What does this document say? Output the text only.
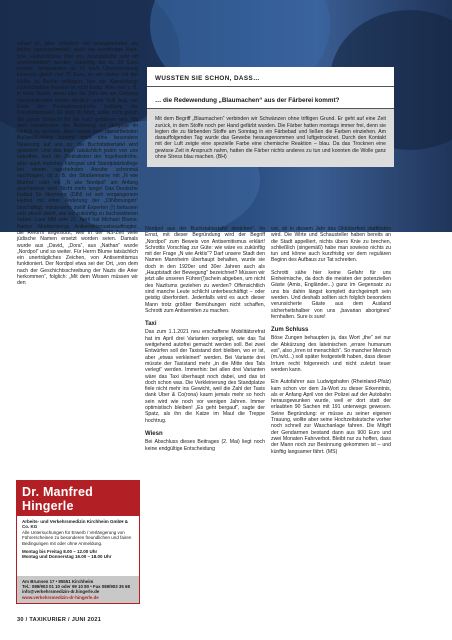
scharf ist, aber trotzdem viel unangenehmer als bisher (auszugsweise): auch nur kurzfristige Park- bzw. Haltverstösse (bei uns zwangsläufig sehr oft unvermeidbar) werden zukünftig bis zu 55 Euro kosten; Tempoünden ab 16 km/h Überschreitung innerorts gleich mal 70 Euro, so wie bisher mit der Hälfte zu Buche schlugen. Nur zur Klarstellung: rücksichtslose Raserei ist nicht lustig. Aber wer z. B. in tiefer Nacht, wenn also die Zahl der am Gehweg herumtollenden Kinder deutlich unter Null liegt, am Ende der Peutastrozzistraße (entlang der Friedhofsmauer) 50 statt 30 fährt, sollte nicht gleich die ganze Schlacht für die Katz' gefahren sein. Mit dem Inkrafttreten der Änderung ist übrigens im Herbst zu rechnen. Aber neben dem überarbeiteten Bußgeldkatalog kommt noch eine besondere Neuerung auf uns zu: die Buchstabiertafel wird geändert! Und das kann tatsächlich jeden von uns betreffen, weil die Zentralisten der Ingelhardröhe, aber auch mancher Fahrgast und Standplatzkollege bei einem naschelnden Anrufer schonmal nachfragen, ob z. B. der Straßenname mit „N wie Martha“ oder mit „N wie Nordpol“ am Anfang geschrieben wird. Nicht mehr lange! Das Deutsche Institut für Normung (DIN) ist seit vergangenem Herbst mit einer Änderung der „DINbmungstr“ beschäftigt; mindestens zwölf Experten (!) befassen sich akuell damit, wie wir zukünftig zu buchstabieren haben. Laut MM vom 21. April hat Michael Blume, Baden Württembergs Antisemitismusbeauftragter, die Reform angestößt, weil in der NS-Zeit viele jüdische Namen ersetzt worden seien. Damals wurde aus „David„ „Dora“, aus „Nathan“ wurde „Nordpol“ und so weiter. Für Herrn Blume tatsächlich ein unerträgliches Zeichen, von Antisemitismus funktioniert. Der Nordpol etwa sei der Ort, „von dem nach der Geschichtsschreibung der Nazis die Arier herkommen“, folglich: „Mit dem Wissen müssen wir den

WUSSTEN SIE SCHON, DASS…
… die Redewendung „Blaumachen“ aus der Färberei kommt?
Mit dem Begriff „Blaumachen“ verbinden wir Schwänzen ohne triftigen Grund. Er geht auf eine Zeit zurück, in dem Stoffe noch per Hand gefärbt wurden. Die Färber hatten montags immer frei, denn sie legten die zu färbenden Stoffe am Sonntag in ein Färbebad und ließen die Farben einziehen. Am darauffolgenden Tag wurde das Gewebe herausgenommen und luftgetrocknet. Durch den Kontakt mit der Luft zeigte eine spezielle Farbe eine chemische Reaktion – blau. Da das Trocknen eine gewisse Zeit in Anspruch nahm, hatten die Färber nichts anderes zu tun und konnten die Wolle ganz ohne Stress blau machen. (BH)

Nordpol aus der Buchstabiertafel streichen“. Im Ernst, mit dieser Begründung wird der Begriff „Nordpol“ zum Beweis von Antisemitismus erklärt! Schrottis Vorschlag zur Güte: wie wäre es zukünftig mit der Frage „N wie Arktis“? Darf unsere Stadt den Namen Mannheim überhaupt behalten, wurde sie doch in den 1920er und 30er Jahren auch als „Hauptstadt der Bewegung“ bezeichnet? Müssen wir jetzt alle unseren Führer(!)schein abgeben, um nicht des Nazitums geziehen zu werden? Offensichtlich sind manche Leute schlicht unterbeschäftigt – oder geistig überfordert. Jedenfalls wird es auch dieser Mann trotz größter Bemühungen nicht schaffen, Schrotti zum Antisemiten zu machen.

Taxi

Das zum 1.1.2021 neu erschaffene Mobilitätsrefrat hat im April drei Varianten vorgelegt, wie das Tai weitgehend autofrei gemacht werden soll. Bei zwei Entwürfen soll der Taxistand dort bleiben, wo er ist, aber „etwas verkleinert“ werden. Bei Variante drei müsste der Taxistand mehr „in die Mitte des Tals verlegt“ werden. Immerhin: bei allen drei Varianten wäre das Taxi überhaupt noch dabei, und das ist doch schon was. Die Verkleinerung des Standplatze fiele nicht mehr ins Gewicht, weil die Zahl der Taxis dank Uber & Co(rona) kaum jemals mehr so hoch sein wird wie noch vor wenigen Jahren. Immer optimistisch bleiben! „Es geht bergauf“, sagte der Spatz, als ihn die Katze im Maul die Treppe hochtrug.

Wiesn

Bei Abschluss dieses Beitrages (2. Mai) liegt noch keine endgültige Entscheidung

vor, ob in diesem Jahr das Oktoberfest stattfinden wird. Die Wirte und Schausteller haben bereits an die Stadt appelliert, nichts übers Knie zu brechen, schließlich (singemäß) habe man sowieso nichts zu tun und könne auch kurzfristig vor dem regulären Beginn des Aufbaus zur Tat schreiten.

Schrotti sähe hier keine Gefahr für uns Einheimische, da doch die meisten der potenziellen Gäste (Amis, Engländer...) ganz im Gegensatz zu uns bis dahin längst komplett durchgeimpft sein werden. Und deshalb sollten sich folglich besonders verunsicherte Gäste aus dem Ausland sicherheitshalber von uns „bavarian aborigines“ fernhalten. Sure is sure!

Zum Schluss

Böse Zungen behaupten ja, das Wort „the“ sei nur die Abkürzung des lateinischen „errare humanum est“, also „Irren ist menschlich“. So mancher Mensch (m./w/d...) soll später festgestellt haben, dass dieser Irrtum recht folgenreich und nicht zuletzt teuer werden kann.

Ein Autofahrer aus Ludwigshafen (Rheinland-Pfalz) kam schon vor dem Ja-Wort zu dieser Erkenntnis, als er Anfang April von der Polizei auf der Autobahn herausgewunken wurde, weil er dort statt der erlaubten 90 Sachen mit 191 unterwegs gewesen. Seine Begründung: er müsse zu seiner eigenen Trauung, wollte aber seine Hochzeitskutsche vorher noch schnell zur Waschanlage fahren. Die Mitgift der Gendarmen bestand dann aus 900 Euro und zwei Monaten Fahrverbot. Bleibt nur zu hoffen, dass der Mann noch zur Besinnung gekommen ist – und künftig langsamer fährt. (MS)

Dr. Manfred Hingerle
Arbeits- und Verkehrsmedizin Kirchheim GmbH & Co. KG
Alle Untersuchungen für Erwerb / Verlängerung von Führerscheinen zu besonderen freundlichen und fairen Bedingungen mit oder ohne Anmeldung.
Montag bis Freitag 8.00 – 12.00 Uhr
Montag und Donnerstag 16.00 – 18.00 Uhr
Am Brunnen 17 • 85551 Kirchheim
Tel.: 089/903 01 10 oder 99 10 80 • Fax 089/903 35 68
info@verkehrsmedizin-dr.hingerle.de
www.verkehrsmedizin-dr-hingerle.de
30 / TAXIKURIER / JUNI 2021
